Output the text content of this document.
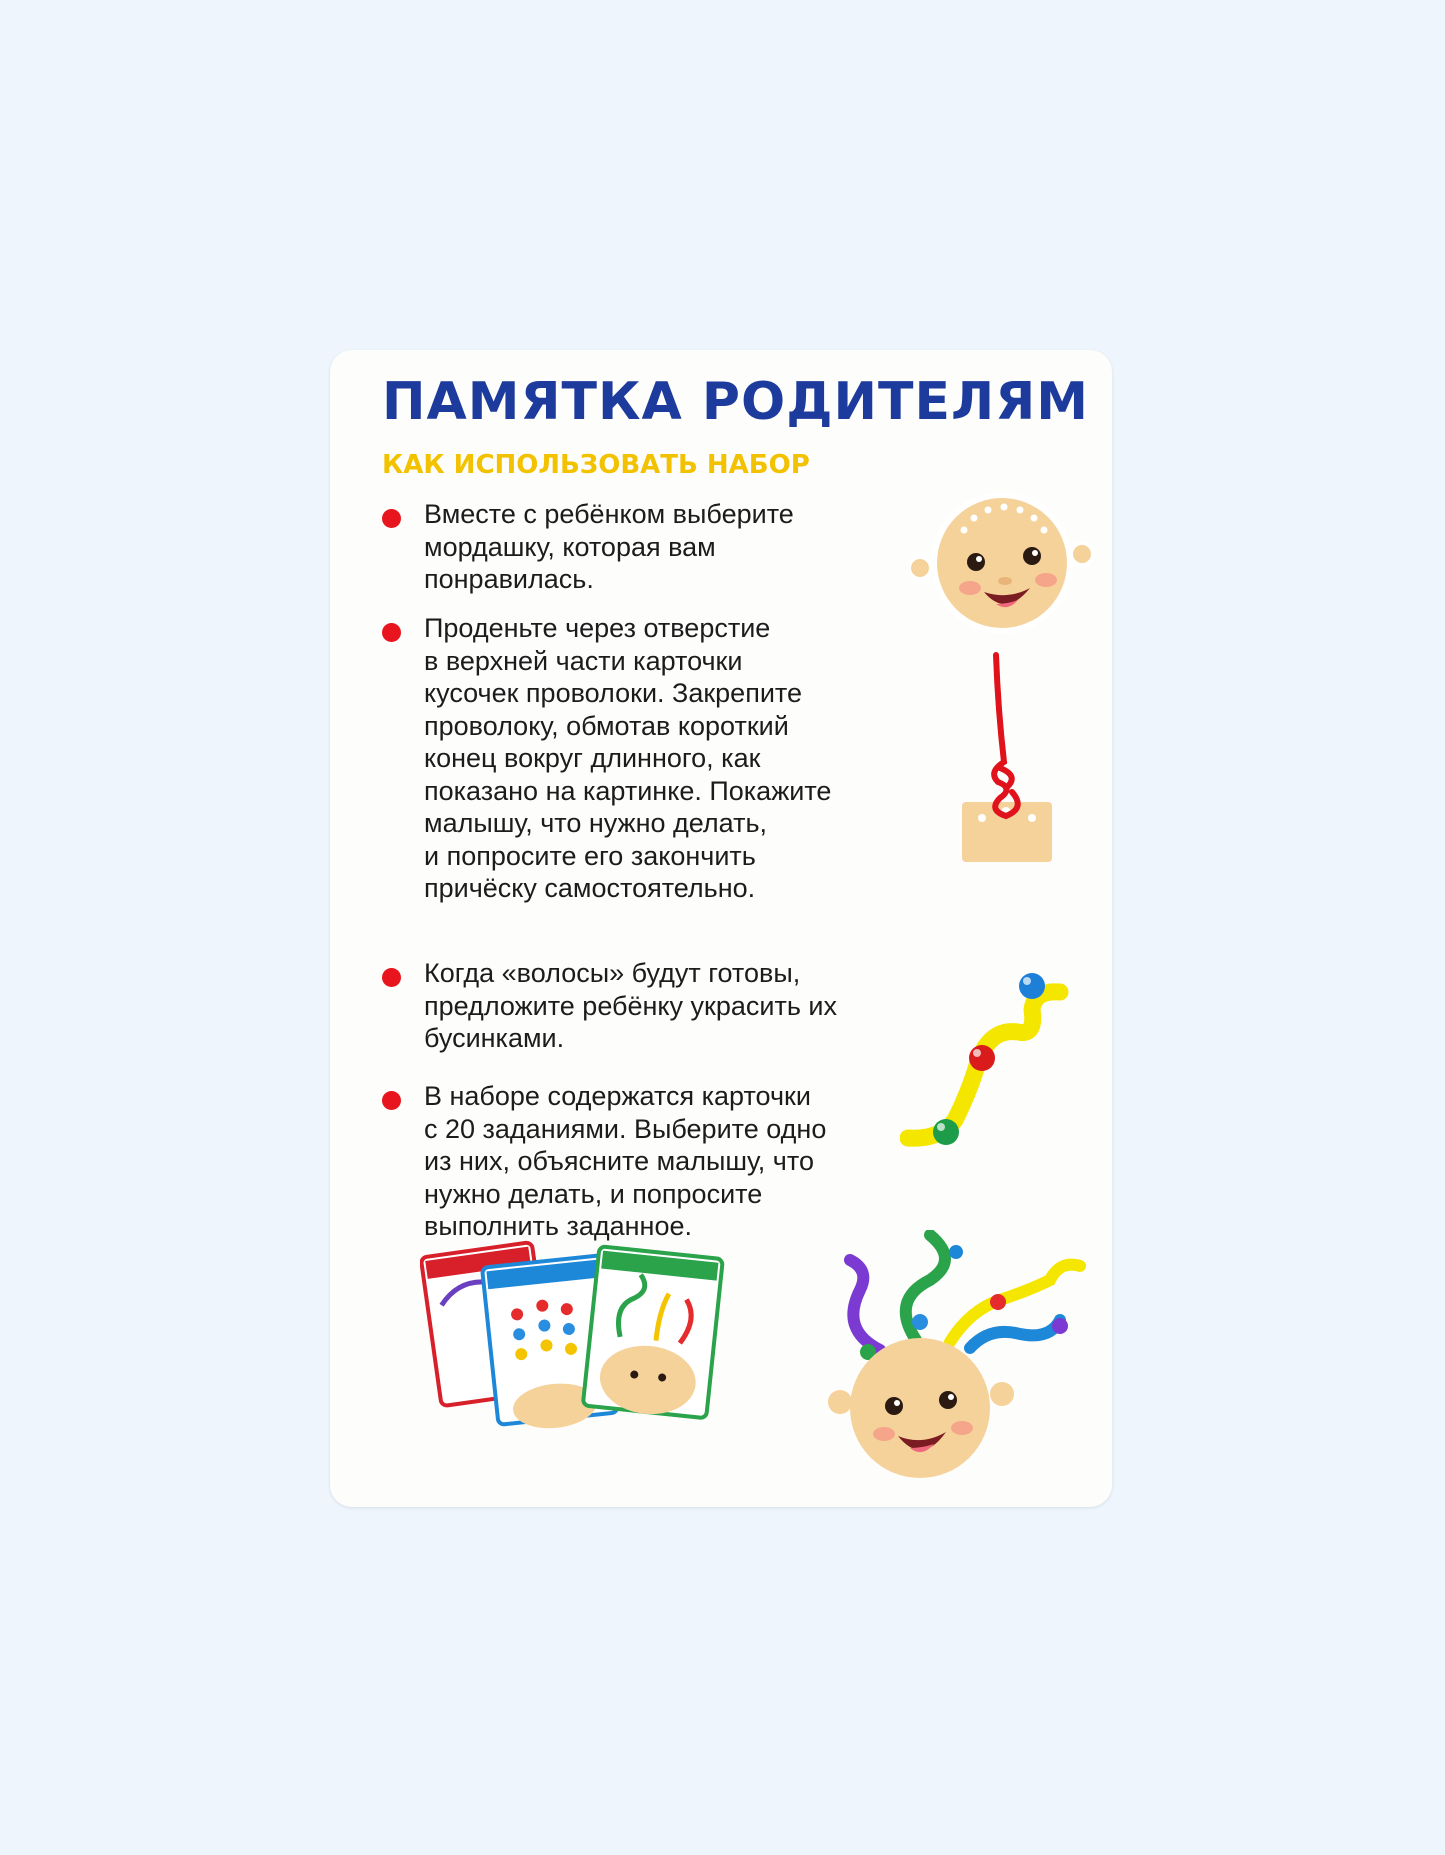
ПАМЯТКА РОДИТЕЛЯМ
КАК ИСПОЛЬЗОВАТЬ НАБОР

Вместе с ребёнком выберите
мордашку, которая вам
понравилась.

Проденьте через отверстие
в верхней части карточки
кусочек проволоки. Закрепите
проволоку, обмотав короткий
конец вокруг длинного, как
показано на картинке. Покажите
малышу, что нужно делать,
и попросите его закончить
причёску самостоятельно.

Когда «волосы» будут готовы,
предложите ребёнку украсить их
бусинками.

В наборе содержатся карточки
с 20 заданиями. Выберите одно
из них, объясните малышу, что
нужно делать, и попросите
выполнить заданное.
